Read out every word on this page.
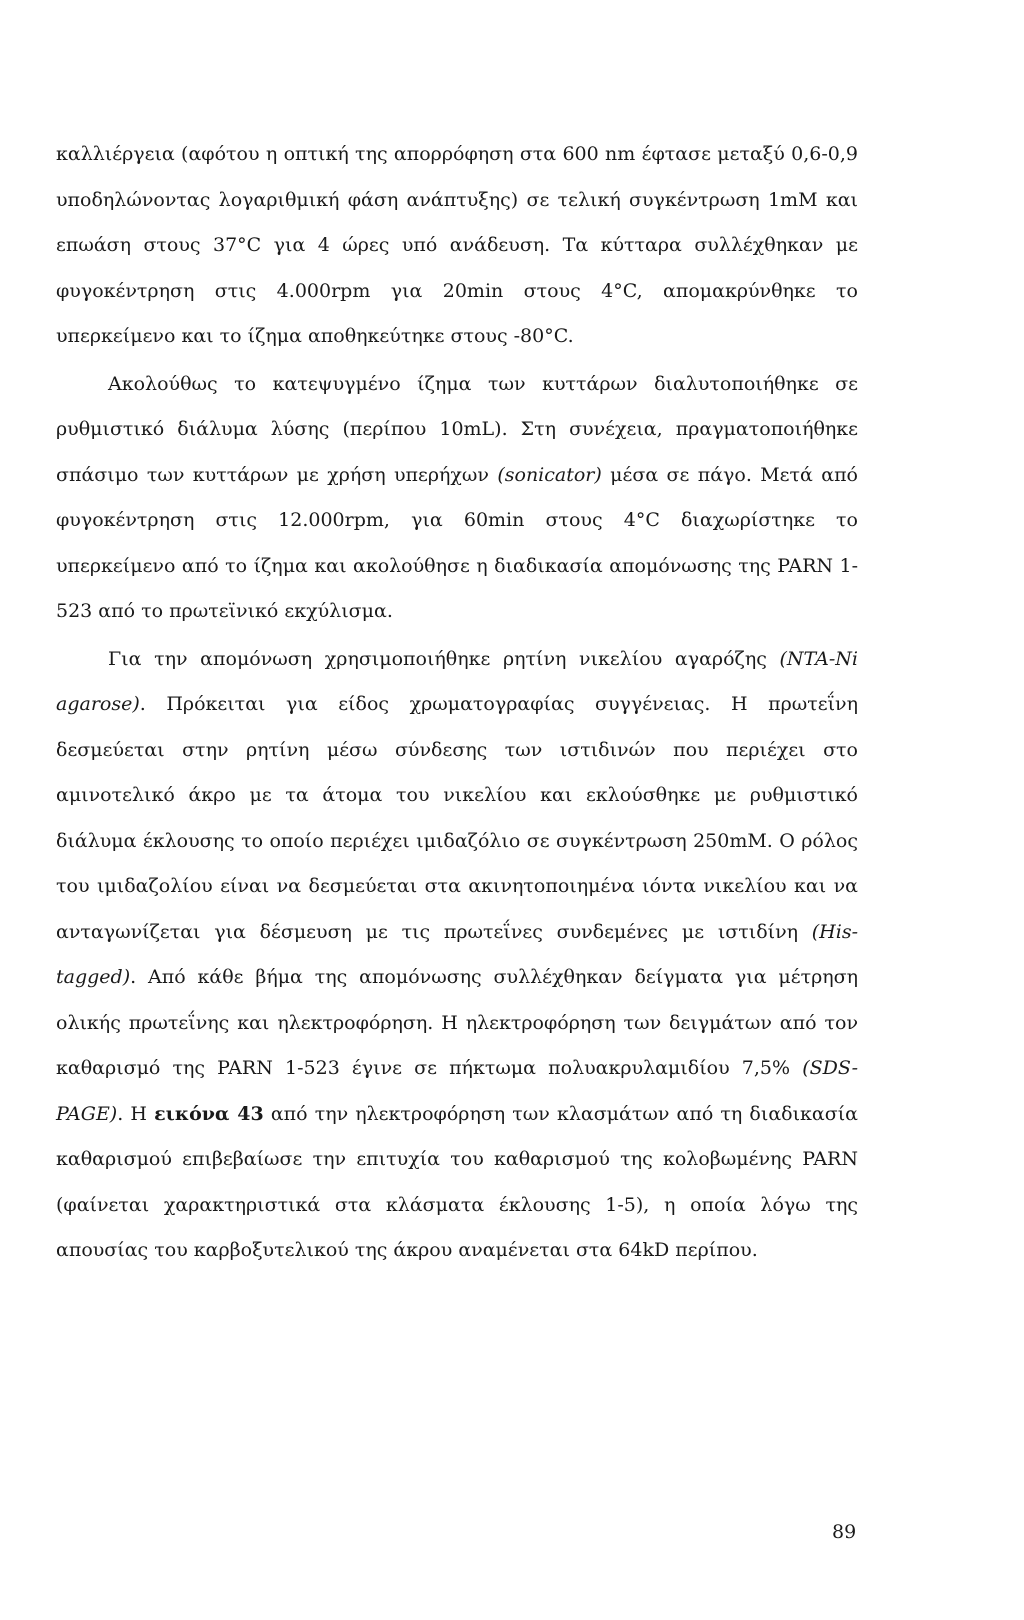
καλλιέργεια (αφότου η οπτική της απορρόφηση στα 600 nm έφτασε μεταξύ 0,6-0,9 υποδηλώνοντας λογαριθμική φάση ανάπτυξης) σε τελική συγκέντρωση 1mM και επωάση στους 37°C για 4 ώρες υπό ανάδευση. Τα κύτταρα συλλέχθηκαν με φυγοκέντρηση στις 4.000rpm για 20min στους 4°C, απομακρύνθηκε το υπερκείμενο και το ίζημα αποθηκεύτηκε στους -80°C.

Ακολούθως το κατεψυγμένο ίζημα των κυττάρων διαλυτοποιήθηκε σε ρυθμιστικό διάλυμα λύσης (περίπου 10mL). Στη συνέχεια, πραγματοποιήθηκε σπάσιμο των κυττάρων με χρήση υπερήχων (sonicator) μέσα σε πάγο. Μετά από φυγοκέντρηση στις 12.000rpm, για 60min στους 4°C διαχωρίστηκε το υπερκείμενο από το ίζημα και ακολούθησε η διαδικασία απομόνωσης της PARN 1-523 από το πρωτεϊνικό εκχύλισμα.

Για την απομόνωση χρησιμοποιήθηκε ρητίνη νικελίου αγαρόζης (NTA-Ni agarose). Πρόκειται για είδος χρωματογραφίας συγγένειας. Η πρωτεΐνη δεσμεύεται στην ρητίνη μέσω σύνδεσης των ιστιδινών που περιέχει στο αμινοτελικό άκρο με τα άτομα του νικελίου και εκλούσθηκε με ρυθμιστικό διάλυμα έκλουσης το οποίο περιέχει ιμιδαζόλιο σε συγκέντρωση 250mM. Ο ρόλος του ιμιδαζολίου είναι να δεσμεύεται στα ακινητοποιημένα ιόντα νικελίου και να ανταγωνίζεται για δέσμευση με τις πρωτεΐνες συνδεμένες με ιστιδίνη (His-tagged). Από κάθε βήμα της απομόνωσης συλλέχθηκαν δείγματα για μέτρηση ολικής πρωτεΐνης και ηλεκτροφόρηση. Η ηλεκτροφόρηση των δειγμάτων από τον καθαρισμό της PARN 1-523 έγινε σε πήκτωμα πολυακρυλαμιδίου 7,5% (SDS-PAGE). Η εικόνα 43 από την ηλεκτροφόρηση των κλασμάτων από τη διαδικασία καθαρισμού επιβεβαίωσε την επιτυχία του καθαρισμού της κολοβωμένης PARN (φαίνεται χαρακτηριστικά στα κλάσματα έκλουσης 1-5), η οποία λόγω της απουσίας του καρβοξυτελικού της άκρου αναμένεται στα 64kD περίπου.

89
